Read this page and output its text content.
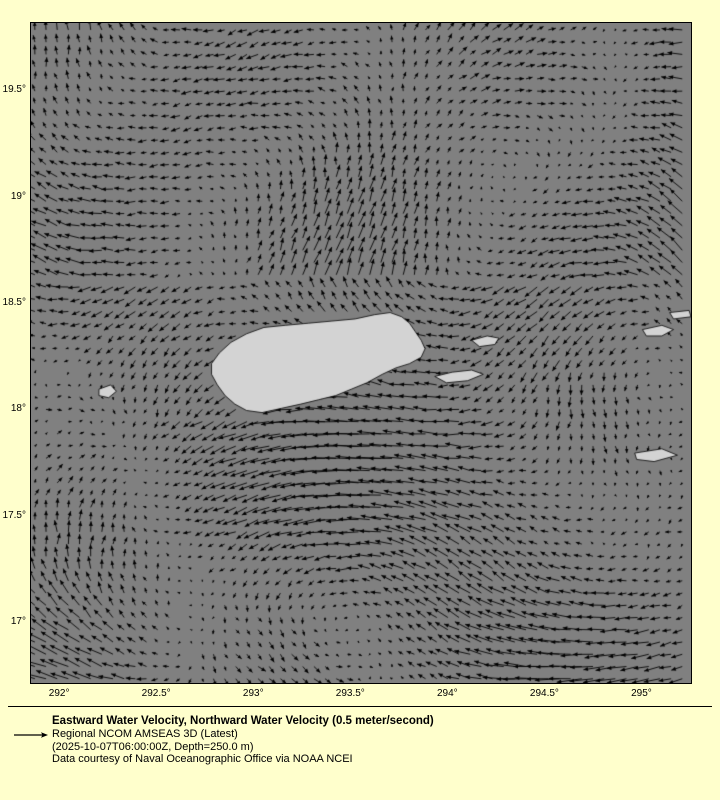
Eastward Water Velocity, Northward Water Velocity (0.5 meter/second)
Regional NCOM AMSEAS 3D (Latest)
(2025-10-07T06:00:00Z, Depth=250.0 m)
Data courtesy of Naval Oceanographic Office via NOAA NCEI
292°	292.5°	293°	293.5°	294°	294.5°	295°
17°
17.5°
18°
18.5°
19°
19.5°
